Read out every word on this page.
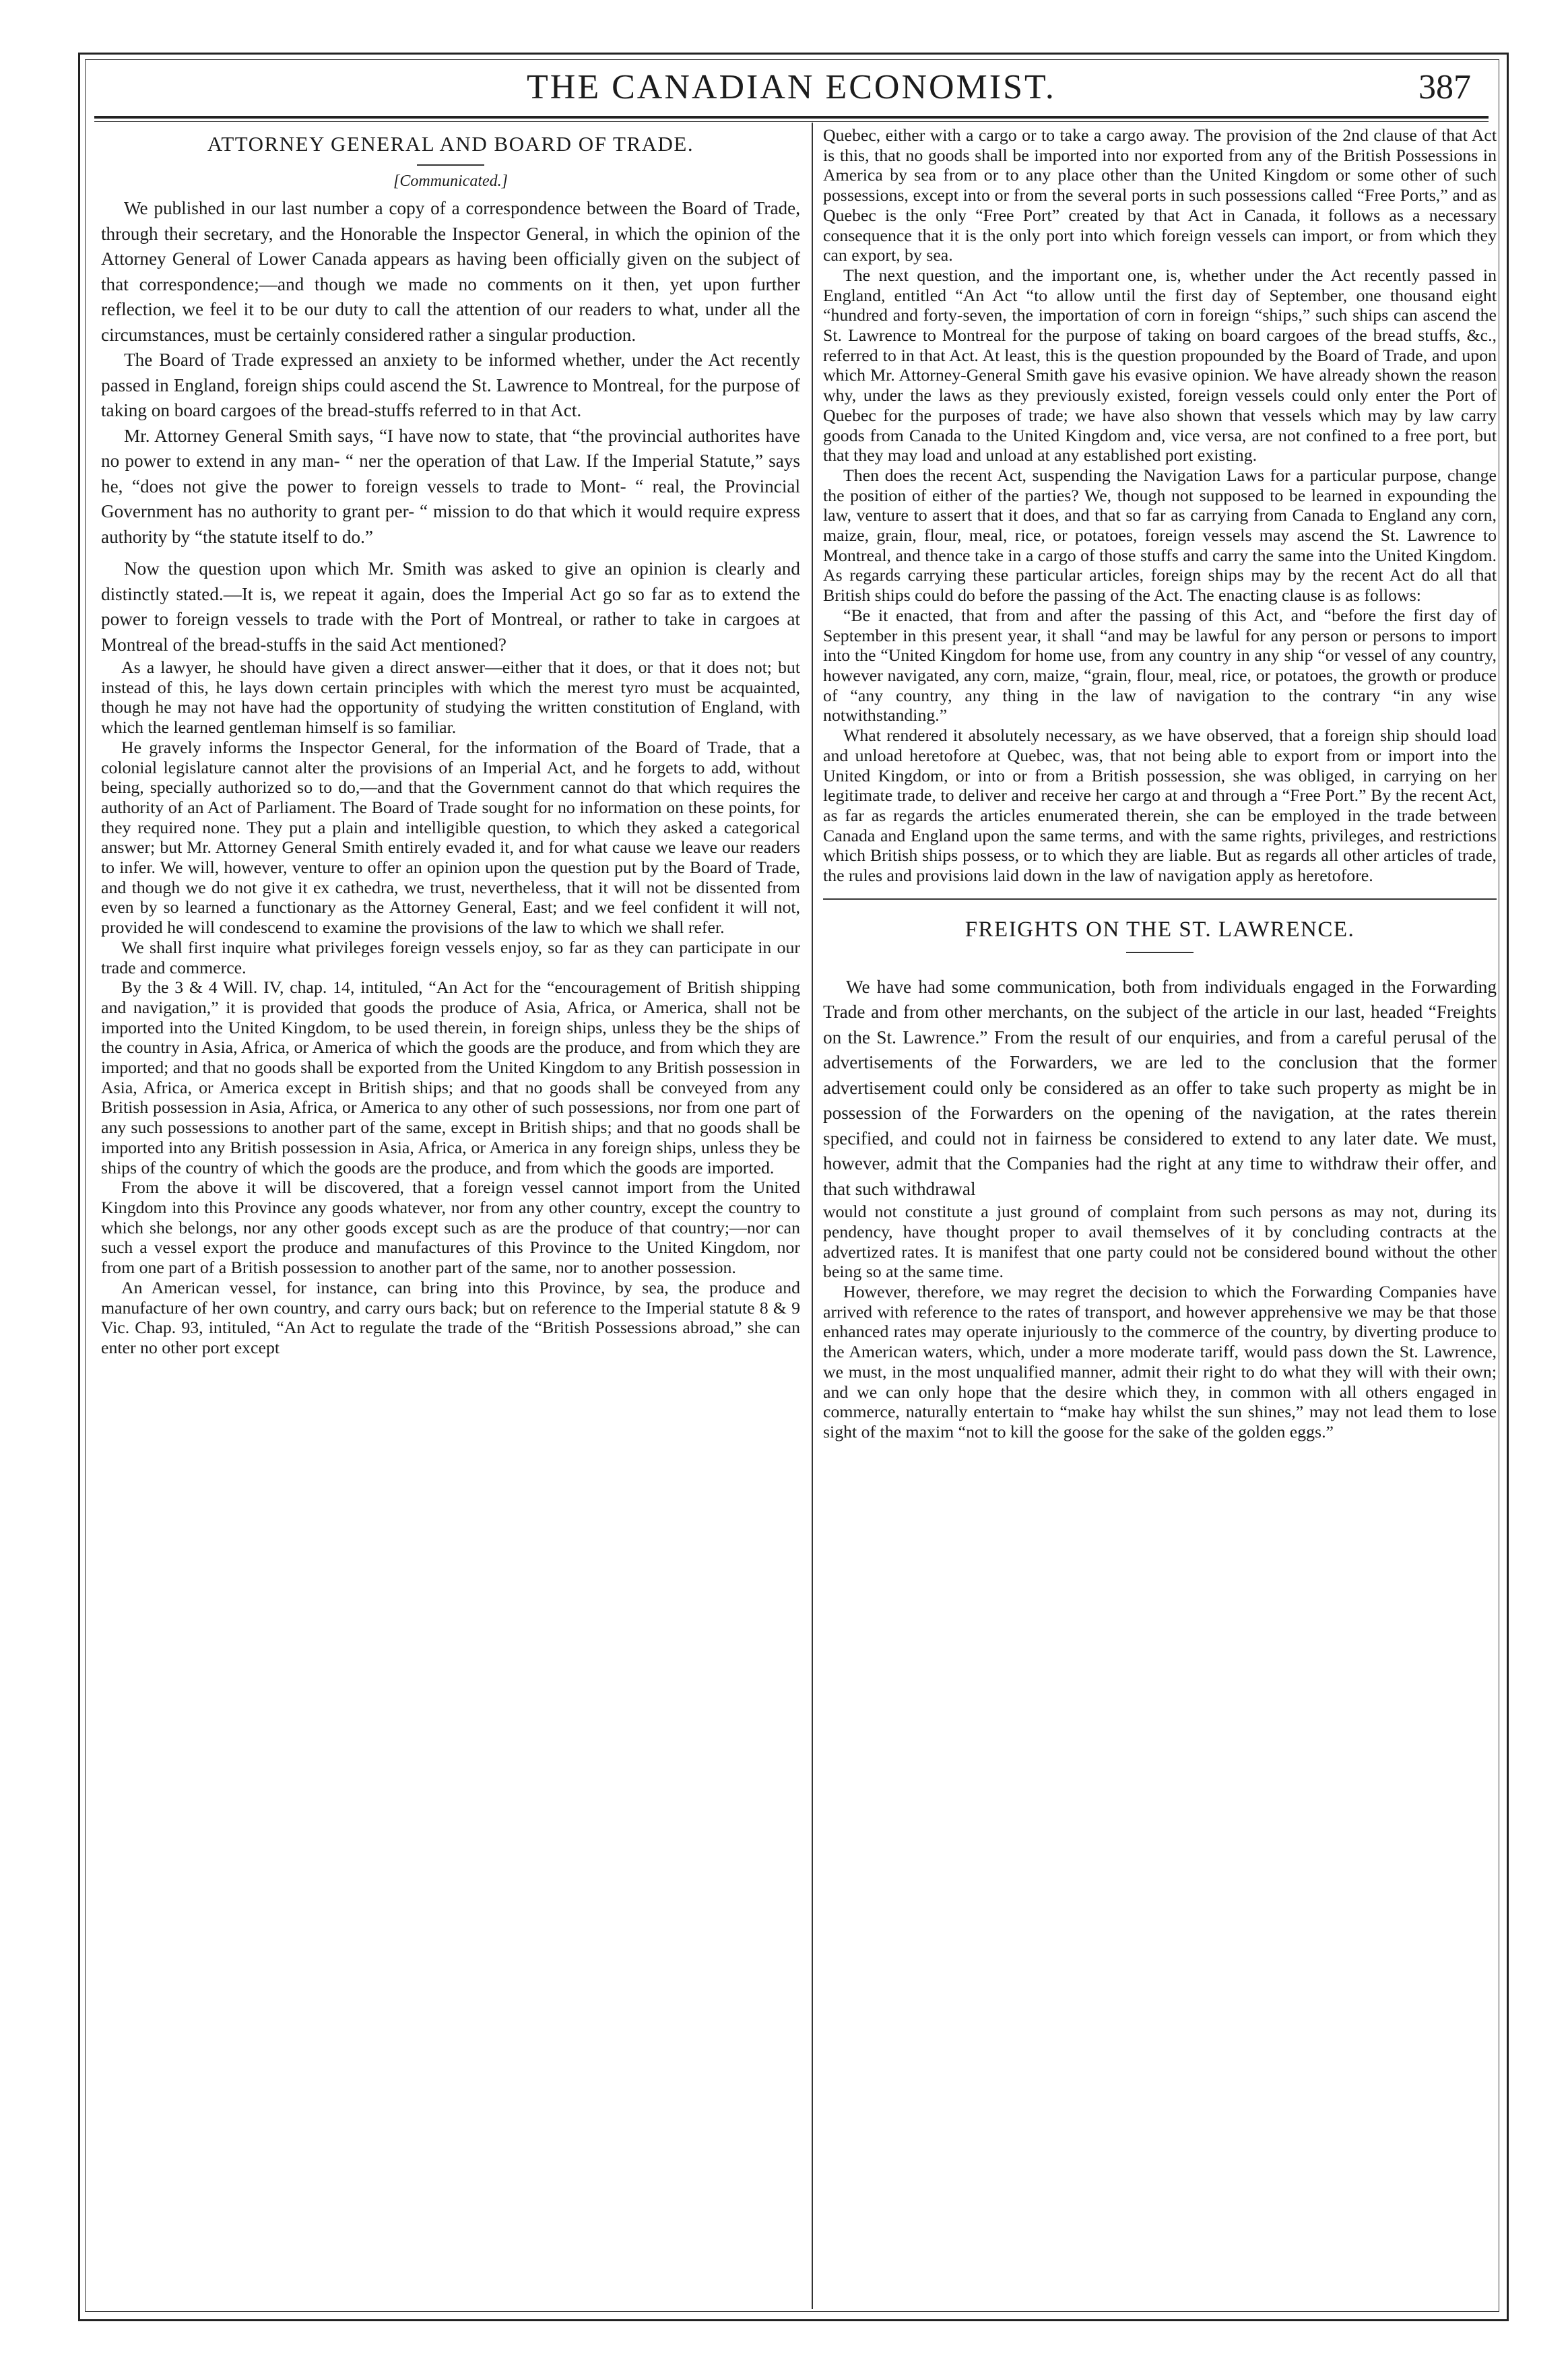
THE CANADIAN ECONOMIST.	387
ATTORNEY GENERAL AND BOARD OF TRADE.
[Communicated.]

We published in our last number a copy of a correspondence between the Board of Trade, through their secretary, and the Honorable the Inspector General, in which the opinion of the Attorney General of Lower Canada appears as having been officially given on the subject of that correspondence;—and though we made no comments on it then, yet upon further reflection, we feel it to be our duty to call the attention of our readers to what, under all the circumstances, must be certainly considered rather a singular production.

The Board of Trade expressed an anxiety to be informed whether, under the Act recently passed in England, foreign ships could ascend the St. Lawrence to Montreal, for the purpose of taking on board cargoes of the bread-stuffs referred to in that Act.

Mr. Attorney General Smith says, “I have now to state, that “the provincial authorites have no power to extend in any man- “ ner the operation of that Law. If the Imperial Statute,” says he, “does not give the power to foreign vessels to trade to Mont- “ real, the Provincial Government has no authority to grant per- “ mission to do that which it would require express authority by “the statute itself to do.”

Now the question upon which Mr. Smith was asked to give an opinion is clearly and distinctly stated.—It is, we repeat it again, does the Imperial Act go so far as to extend the power to foreign vessels to trade with the Port of Montreal, or rather to take in cargoes at Montreal of the bread-stuffs in the said Act mentioned?

As a lawyer, he should have given a direct answer—either that it does, or that it does not; but instead of this, he lays down certain principles with which the merest tyro must be acquainted, though he may not have had the opportunity of studying the written constitution of England, with which the learned gentleman himself is so familiar.

He gravely informs the Inspector General, for the information of the Board of Trade, that a colonial legislature cannot alter the provisions of an Imperial Act, and he forgets to add, without being, specially authorized so to do,—and that the Government cannot do that which requires the authority of an Act of Parliament. The Board of Trade sought for no information on these points, for they required none. They put a plain and intelligible question, to which they asked a categorical answer; but Mr. Attorney General Smith entirely evaded it, and for what cause we leave our readers to infer. We will, however, venture to offer an opinion upon the question put by the Board of Trade, and though we do not give it ex cathedra, we trust, nevertheless, that it will not be dissented from even by so learned a functionary as the Attorney General, East; and we feel confident it will not, provided he will condescend to examine the provisions of the law to which we shall refer.

We shall first inquire what privileges foreign vessels enjoy, so far as they can participate in our trade and commerce.

By the 3 & 4 Will. IV, chap. 14, intituled, “An Act for the “encouragement of British shipping and navigation,” it is provided that goods the produce of Asia, Africa, or America, shall not be imported into the United Kingdom, to be used therein, in foreign ships, unless they be the ships of the country in Asia, Africa, or America of which the goods are the produce, and from which they are imported; and that no goods shall be exported from the United Kingdom to any British possession in Asia, Africa, or America except in British ships; and that no goods shall be conveyed from any British possession in Asia, Africa, or America to any other of such possessions, nor from one part of any such possessions to another part of the same, except in British ships; and that no goods shall be imported into any British possession in Asia, Africa, or America in any foreign ships, unless they be ships of the country of which the goods are the produce, and from which the goods are imported.

From the above it will be discovered, that a foreign vessel cannot import from the United Kingdom into this Province any goods whatever, nor from any other country, except the country to which she belongs, nor any other goods except such as are the produce of that country;—nor can such a vessel export the produce and manufactures of this Province to the United Kingdom, nor from one part of a British possession to another part of the same, nor to another possession.

An American vessel, for instance, can bring into this Province, by sea, the produce and manufacture of her own country, and carry ours back; but on reference to the Imperial statute 8 & 9 Vic. Chap. 93, intituled, “An Act to regulate the trade of the “British Possessions abroad,” she can enter no other port except

Quebec, either with a cargo or to take a cargo away. The provision of the 2nd clause of that Act is this, that no goods shall be imported into nor exported from any of the British Possessions in America by sea from or to any place other than the United Kingdom or some other of such possessions, except into or from the several ports in such possessions called “Free Ports,” and as Quebec is the only “Free Port” created by that Act in Canada, it follows as a necessary consequence that it is the only port into which foreign vessels can import, or from which they can export, by sea.

The next question, and the important one, is, whether under the Act recently passed in England, entitled “An Act “to allow until the first day of September, one thousand eight “hundred and forty-seven, the importation of corn in foreign “ships,” such ships can ascend the St. Lawrence to Montreal for the purpose of taking on board cargoes of the bread stuffs, &c., referred to in that Act. At least, this is the question propounded by the Board of Trade, and upon which Mr. Attorney-General Smith gave his evasive opinion. We have already shown the reason why, under the laws as they previously existed, foreign vessels could only enter the Port of Quebec for the purposes of trade; we have also shown that vessels which may by law carry goods from Canada to the United Kingdom and, vice versa, are not confined to a free port, but that they may load and unload at any established port existing.

Then does the recent Act, suspending the Navigation Laws for a particular purpose, change the position of either of the parties? We, though not supposed to be learned in expounding the law, venture to assert that it does, and that so far as carrying from Canada to England any corn, maize, grain, flour, meal, rice, or potatoes, foreign vessels may ascend the St. Lawrence to Montreal, and thence take in a cargo of those stuffs and carry the same into the United Kingdom. As regards carrying these particular articles, foreign ships may by the recent Act do all that British ships could do before the passing of the Act. The enacting clause is as follows:

“Be it enacted, that from and after the passing of this Act, and “before the first day of September in this present year, it shall “and may be lawful for any person or persons to import into the “United Kingdom for home use, from any country in any ship “or vessel of any country, however navigated, any corn, maize, “grain, flour, meal, rice, or potatoes, the growth or produce of “any country, any thing in the law of navigation to the contrary “in any wise notwithstanding.”

What rendered it absolutely necessary, as we have observed, that a foreign ship should load and unload heretofore at Quebec, was, that not being able to export from or import into the United Kingdom, or into or from a British possession, she was obliged, in carrying on her legitimate trade, to deliver and receive her cargo at and through a “Free Port.” By the recent Act, as far as regards the articles enumerated therein, she can be employed in the trade between Canada and England upon the same terms, and with the same rights, privileges, and restrictions which British ships possess, or to which they are liable. But as regards all other articles of trade, the rules and provisions laid down in the law of navigation apply as heretofore.

FREIGHTS ON THE ST. LAWRENCE.

We have had some communication, both from individuals engaged in the Forwarding Trade and from other merchants, on the subject of the article in our last, headed “Freights on the St. Lawrence.” From the result of our enquiries, and from a careful perusal of the advertisements of the Forwarders, we are led to the conclusion that the former advertisement could only be considered as an offer to take such property as might be in possession of the Forwarders on the opening of the navigation, at the rates therein specified, and could not in fairness be considered to extend to any later date. We must, however, admit that the Companies had the right at any time to withdraw their offer, and that such withdrawal

would not constitute a just ground of complaint from such persons as may not, during its pendency, have thought proper to avail themselves of it by concluding contracts at the advertized rates. It is manifest that one party could not be considered bound without the other being so at the same time.

However, therefore, we may regret the decision to which the Forwarding Companies have arrived with reference to the rates of transport, and however apprehensive we may be that those enhanced rates may operate injuriously to the commerce of the country, by diverting produce to the American waters, which, under a more moderate tariff, would pass down the St. Lawrence, we must, in the most unqualified manner, admit their right to do what they will with their own; and we can only hope that the desire which they, in common with all others engaged in commerce, naturally entertain to “make hay whilst the sun shines,” may not lead them to lose sight of the maxim “not to kill the goose for the sake of the golden eggs.”
